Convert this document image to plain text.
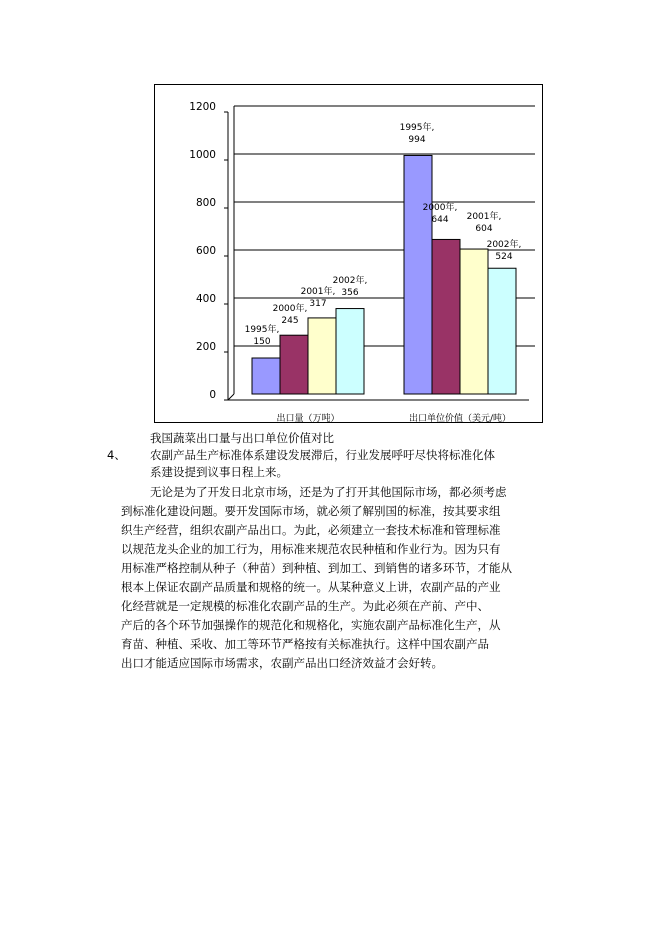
0
200
400
600
800
1000
1200
出口量（万吨）	出口单位价值（美元/吨）
1995年,
150
2000年,
245
2001年,
317
2002年,
356
1995年,
994
2000年,
644 2001年,
604
2002年,
524
我国蔬菜出口量与出口单位价值对比
4、 农副产品生产标准体系建设发展滞后，行业发展呼吁尽快将标准化体
系建设提到议事日程上来。
无论是为了开发日北京市场，还是为了打开其他国际市场，都必须考虑
到标准化建设问题。要开发国际市场，就必须了解别国的标准，按其要求组
织生产经营，组织农副产品出口。为此，必须建立一套技术标准和管理标准
以规范龙头企业的加工行为，用标准来规范农民种植和作业行为。因为只有
用标准严格控制从种子（种苗）到种植、到加工、到销售的诸多环节，才能从
根本上保证农副产品质量和规格的统一。从某种意义上讲，农副产品的产业
化经营就是一定规模的标准化农副产品的生产。为此必须在产前、产中、
产后的各个环节加强操作的规范化和规格化，实施农副产品标准化生产，从
育苗、种植、采收、加工等环节严格按有关标准执行。这样中国农副产品
出口才能适应国际市场需求，农副产品出口经济效益才会好转。
